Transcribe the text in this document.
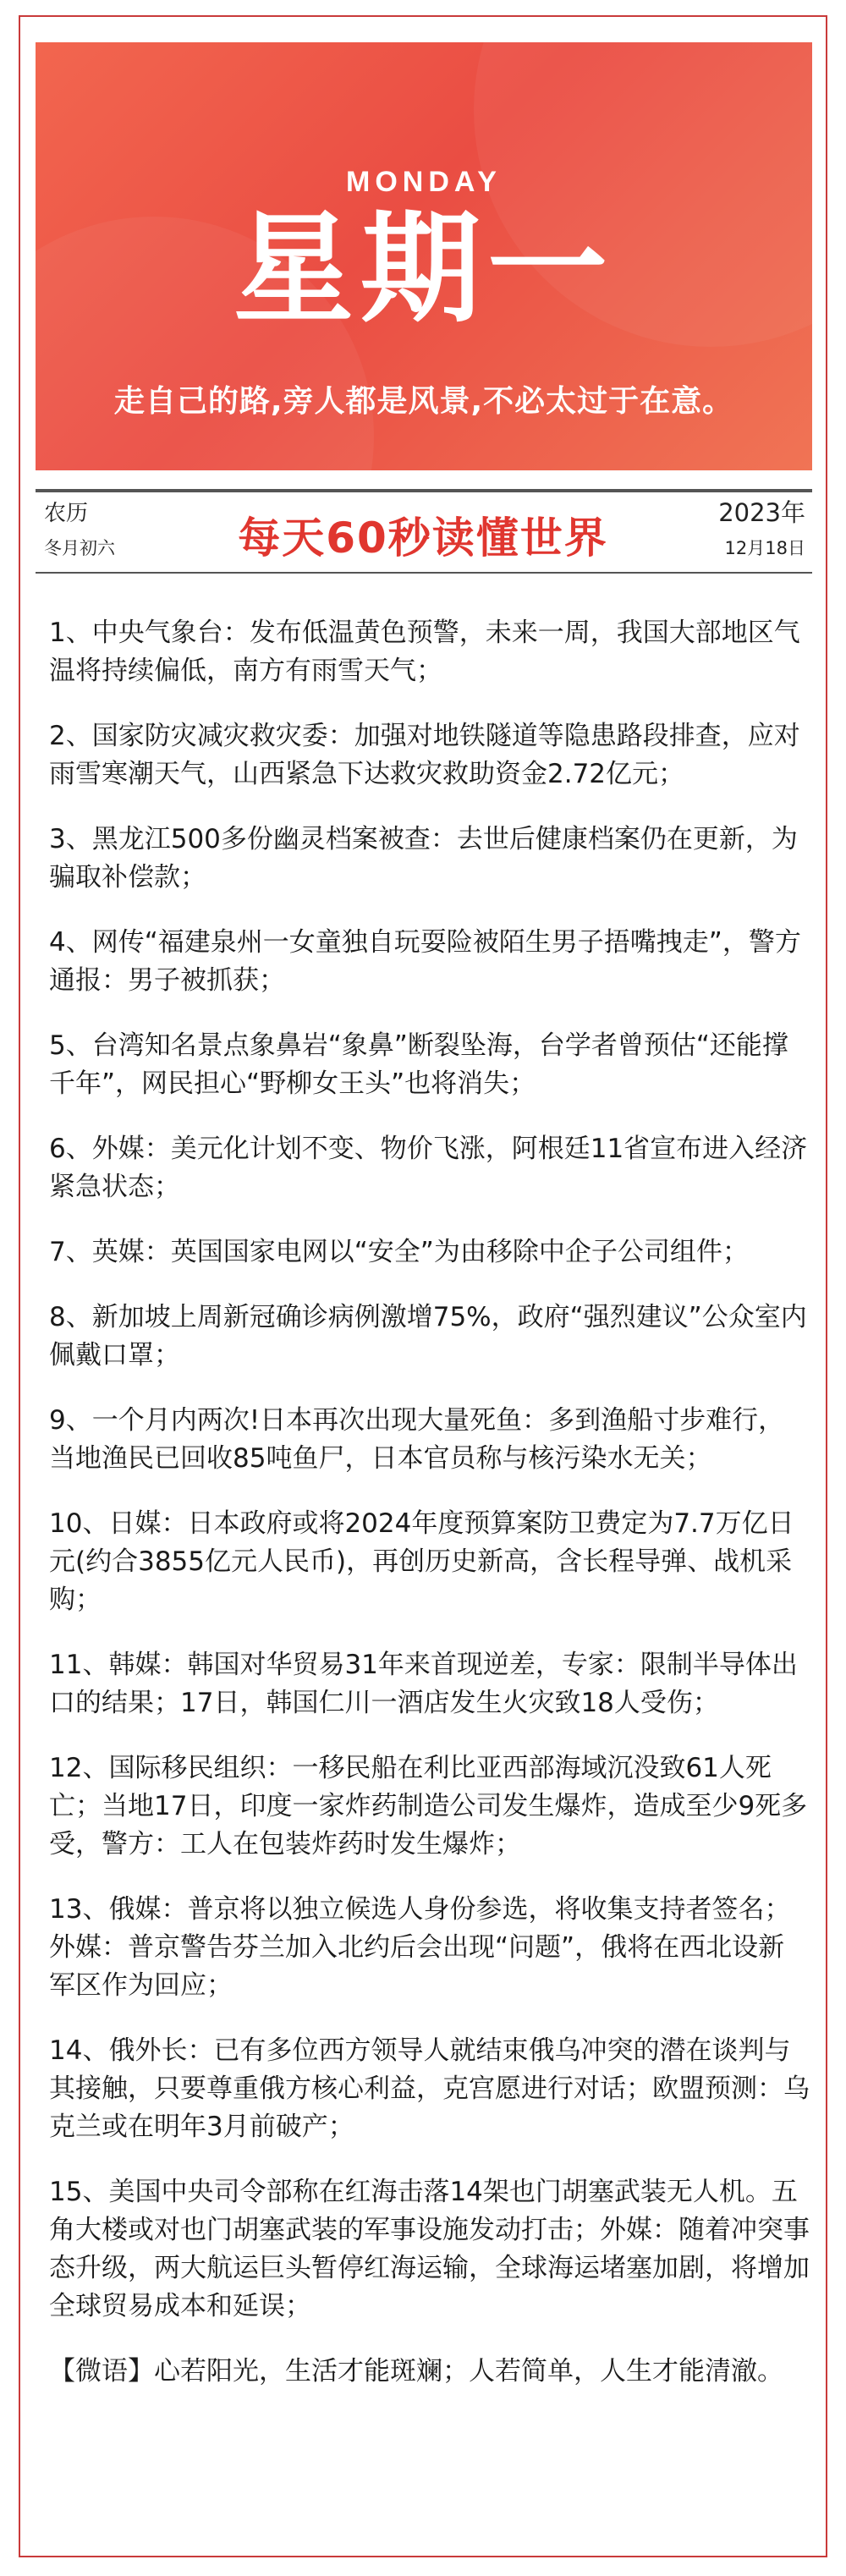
MONDAY
星期一
走自己的路,旁人都是风景,不必太过于在意。
农历
冬月初六	每天60秒读懂世界
2023年
12月18日
1、中央气象台：发布低温黄色预警，未来一周，我国大部地区气温将持续偏低，南方有雨雪天气；
2、国家防灾减灾救灾委：加强对地铁隧道等隐患路段排查，应对雨雪寒潮天气，山西紧急下达救灾救助资金2.72亿元；
3、黑龙江500多份幽灵档案被查：去世后健康档案仍在更新，为骗取补偿款；
4、网传“福建泉州一女童独自玩耍险被陌生男子捂嘴拽走”，警方通报：男子被抓获；
5、台湾知名景点象鼻岩“象鼻”断裂坠海，台学者曾预估“还能撑千年”，网民担心“野柳女王头”也将消失；
6、外媒：美元化计划不变、物价飞涨，阿根廷11省宣布进入经济紧急状态；
7、英媒：英国国家电网以“安全”为由移除中企子公司组件；
8、新加坡上周新冠确诊病例激增75%，政府“强烈建议”公众室内佩戴口罩；
9、一个月内两次!日本再次出现大量死鱼：多到渔船寸步难行，当地渔民已回收85吨鱼尸，日本官员称与核污染水无关；
10、日媒：日本政府或将2024年度预算案防卫费定为7.7万亿日元(约合3855亿元人民币)，再创历史新高，含长程导弹、战机采购；
11、韩媒：韩国对华贸易31年来首现逆差，专家：限制半导体出口的结果；17日，韩国仁川一酒店发生火灾致18人受伤；
12、国际移民组织：一移民船在利比亚西部海域沉没致61人死亡；当地17日，印度一家炸药制造公司发生爆炸，造成至少9死多受，警方：工人在包装炸药时发生爆炸；
13、俄媒：普京将以独立候选人身份参选，将收集支持者签名；外媒：普京警告芬兰加入北约后会出现“问题”，俄将在西北设新军区作为回应；
14、俄外长：已有多位西方领导人就结束俄乌冲突的潜在谈判与其接触，只要尊重俄方核心利益，克宫愿进行对话；欧盟预测：乌克兰或在明年3月前破产；
15、美国中央司令部称在红海击落14架也门胡塞武装无人机。五角大楼或对也门胡塞武装的军事设施发动打击；外媒：随着冲突事态升级，两大航运巨头暂停红海运输，全球海运堵塞加剧，将增加全球贸易成本和延误；
【微语】心若阳光，生活才能斑斓；人若简单，人生才能清澈。
